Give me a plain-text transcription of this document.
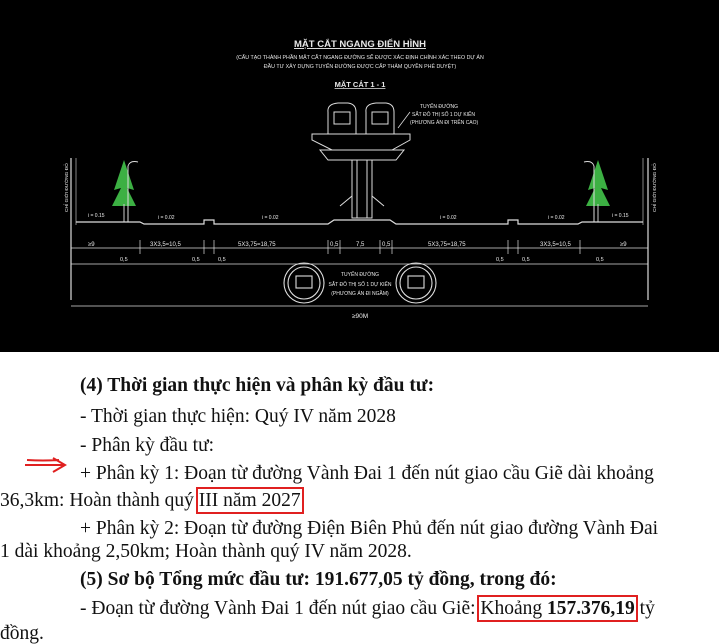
MẶT CẮT NGANG ĐIỂN HÌNH
(CẤU TẠO THÀNH PHẦN MẶT CẮT NGANG ĐƯỜNG SẼ ĐƯỢC XÁC ĐỊNH CHÍNH XÁC THEO DỰ ÁN
ĐẦU TƯ XÂY DỰNG TUYẾN ĐƯỜNG ĐƯỢC CẤP THẨM QUYỀN PHÊ DUYỆT)
MẶT CẮT 1 - 1
TUYẾN ĐƯỜNG
SẮT ĐÔ THỊ SỐ 1 DỰ KIẾN
(PHƯƠNG ÁN ĐI TRÊN CAO)
CHỈ GIỚI ĐƯỜNG ĐỎ	CHỈ GIỚI ĐƯỜNG ĐỎ
i = 0.15	i = 0.02	i = 0.02	i = 0.02	i = 0.02	i = 0.15
≥9	3X3,5=10,5	5X3,75=18,75	0,5	7,5	0,5	5X3,75=18,75	3X3,5=10,5	≥9
0,5	0,5	0,5	0,5	0,5	0,5
TUYẾN ĐƯỜNG
SẮT ĐÔ THỊ SỐ 1 DỰ KIẾN
(PHƯƠNG ÁN ĐI NGẦM)
≥90M
(4) Thời gian thực hiện và phân kỳ đầu tư:
- Thời gian thực hiện: Quý IV năm 2028
- Phân kỳ đầu tư:
+ Phân kỳ 1: Đoạn từ đường Vành Đai 1 đến nút giao cầu Giẽ dài khoảng
36,3km: Hoàn thành quý III năm 2027
+ Phân kỳ 2: Đoạn từ đường Điện Biên Phủ đến nút giao đường Vành Đai
1 dài khoảng 2,50km; Hoàn thành quý IV năm 2028.
(5) Sơ bộ Tổng mức đầu tư: 191.677,05 tỷ đồng, trong đó:
- Đoạn từ đường Vành Đai 1 đến nút giao cầu Giẽ: Khoảng 157.376,19 tỷ
đồng.
